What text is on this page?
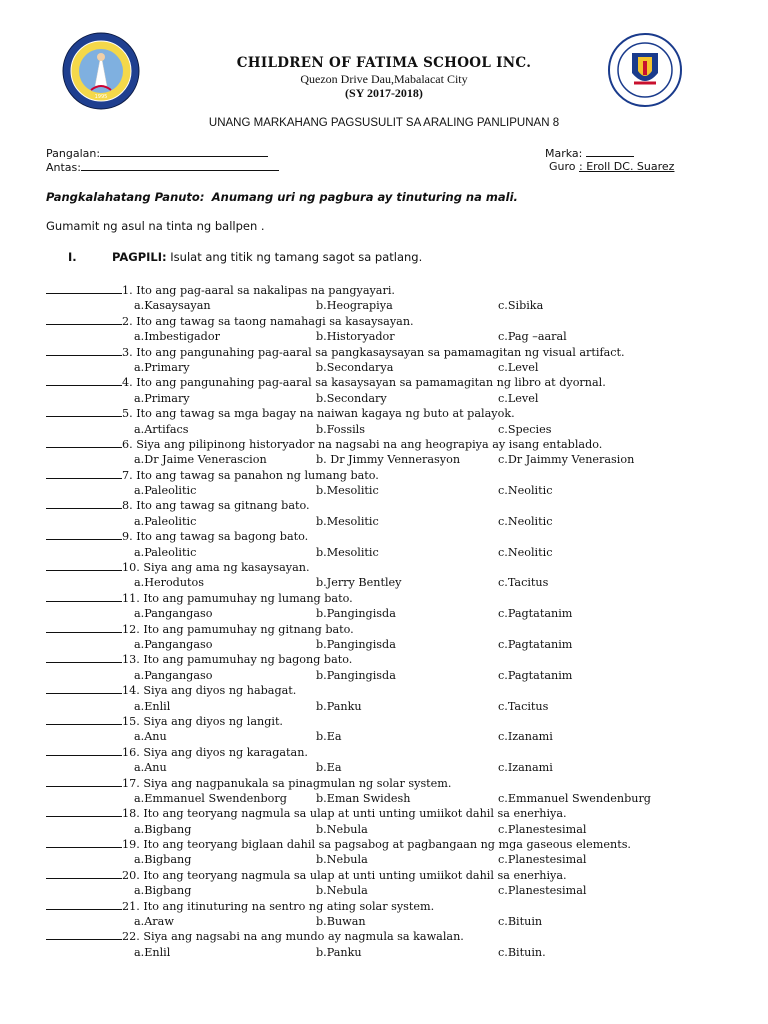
1995
CHILDREN OF FATIMA SCHOOL INC.
Quezon Drive Dau,Mabalacat City
(SY 2017-2018)
UNANG MARKAHANG PAGSUSULIT SA ARALING PANLIPUNAN 8
Pangalan:
Antas:
Marka:
Guro : Eroll DC. Suarez
Pangkalahatang Panuto: Anumang uri ng pagbura ay tinuturing na mali.
Gumamit ng asul na tinta ng ballpen .
I.	PAGPILI: Isulat ang titik ng tamang sagot sa patlang.
1. Ito ang pag-aaral sa nakalipas na pangyayari.
a.Kasaysayan	b.Heograpiya	c.Sibika
2. Ito ang tawag sa taong namahagi sa kasaysayan.
a.Imbestigador	b.Historyador	c.Pag –aaral
3. Ito ang pangunahing pag-aaral sa pangkasaysayan sa pamamagitan ng visual artifact.
a.Primary	b.Secondarya	c.Level
4. Ito ang pangunahing pag-aaral sa kasaysayan sa pamamagitan ng libro at dyornal.
a.Primary	b.Secondary	c.Level
5. Ito ang tawag sa mga bagay na naiwan kagaya ng buto at palayok.
a.Artifacs	b.Fossils	c.Species
6. Siya ang pilipinong historyador na nagsabi na ang heograpiya ay isang entablado.
a.Dr Jaime Venerascion	b. Dr Jimmy Vennerasyon	c.Dr Jaimmy Venerasion
7. Ito ang tawag sa panahon ng lumang bato.
a.Paleolitic	b.Mesolitic	c.Neolitic
8. Ito ang tawag sa gitnang bato.
a.Paleolitic	b.Mesolitic	c.Neolitic
9. Ito ang tawag sa bagong bato.
a.Paleolitic	b.Mesolitic	c.Neolitic
10. Siya ang ama ng kasaysayan.
a.Herodutos	b.Jerry Bentley	c.Tacitus
11. Ito ang pamumuhay ng lumang bato.
a.Pangangaso	b.Pangingisda	c.Pagtatanim
12. Ito ang pamumuhay ng gitnang bato.
a.Pangangaso	b.Pangingisda	c.Pagtatanim
13. Ito ang pamumuhay ng bagong bato.
a.Pangangaso	b.Pangingisda	c.Pagtatanim
14. Siya ang diyos ng habagat.
a.Enlil	b.Panku	c.Tacitus
15. Siya ang diyos ng langit.
a.Anu	b.Ea	c.Izanami
16. Siya ang diyos ng karagatan.
a.Anu	b.Ea	c.Izanami
17. Siya ang nagpanukala sa pinagmulan ng solar system.
a.Emmanuel Swendenborg	b.Eman Swidesh	c.Emmanuel Swendenburg
18. Ito ang teoryang nagmula sa ulap at unti unting umiikot dahil sa enerhiya.
a.Bigbang	b.Nebula	c.Planestesimal
19. Ito ang teoryang biglaan dahil sa pagsabog at pagbangaan ng mga gaseous elements.
a.Bigbang	b.Nebula	c.Planestesimal
20. Ito ang teoryang nagmula sa ulap at unti unting umiikot dahil sa enerhiya.
a.Bigbang	b.Nebula	c.Planestesimal
21. Ito ang itinuturing na sentro ng ating solar system.
a.Araw	b.Buwan	c.Bituin
22. Siya ang nagsabi na ang mundo ay nagmula sa kawalan.
a.Enlil	b.Panku	c.Bituin.
